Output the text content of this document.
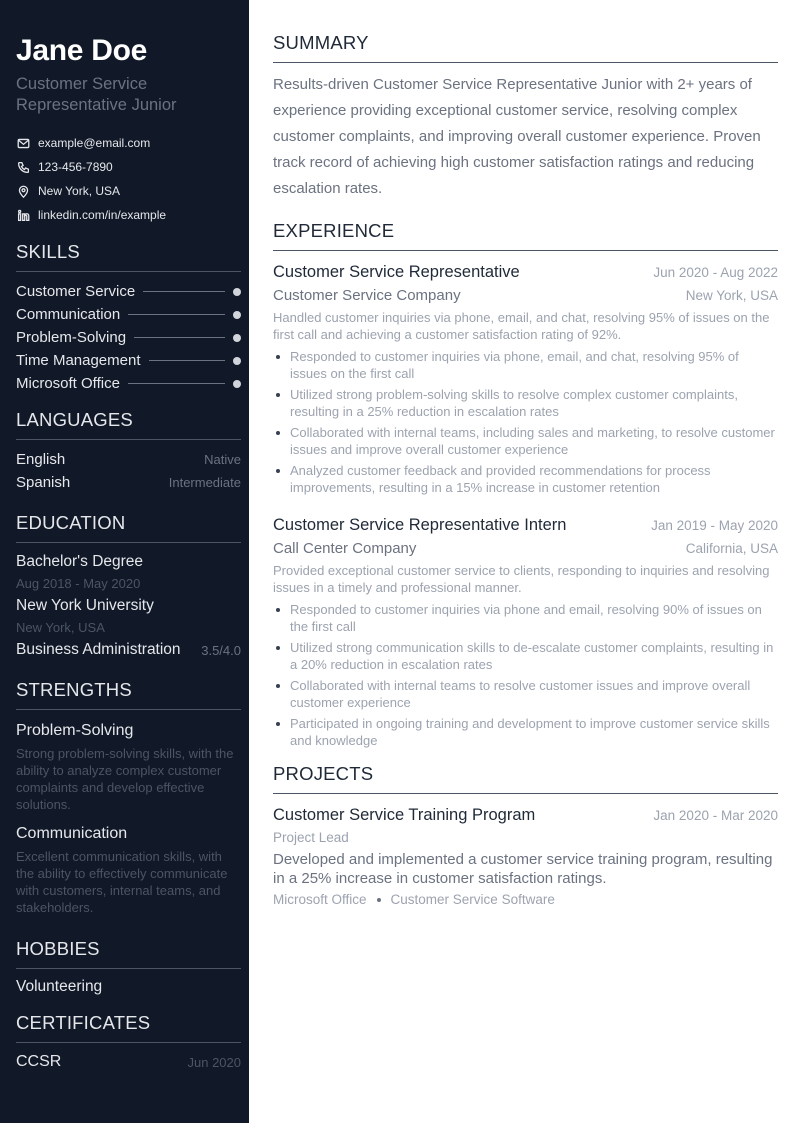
Jane Doe
Customer Service
Representative Junior
example@email.com
123-456-7890
New York, USA
linkedin.com/in/example
SKILLS
Customer Service
Communication
Problem-Solving
Time Management
Microsoft Office
LANGUAGES
English	Native
Spanish	Intermediate
EDUCATION
Bachelor's Degree
Aug 2018 - May 2020
New York University
New York, USA
Business Administration 3.5/4.0
STRENGTHS
Problem-Solving
Strong problem-solving skills, with the ability to analyze complex customer complaints and develop effective solutions.
Communication
Excellent communication skills, with the ability to effectively communicate with customers, internal teams, and stakeholders.
HOBBIES
Volunteering
CERTIFICATES
CCSR	Jun 2020
SUMMARY

Results-driven Customer Service Representative Junior with 2+ years of experience providing exceptional customer service, resolving complex customer complaints, and improving overall customer experience. Proven track record of achieving high customer satisfaction ratings and reducing escalation rates.

EXPERIENCE
Customer Service Representative	Jun 2020 - Aug 2022
Customer Service Company	New York, USA
Handled customer inquiries via phone, email, and chat, resolving 95% of issues on the first call and achieving a customer satisfaction rating of 92%.
Responded to customer inquiries via phone, email, and chat, resolving 95% of issues on the first call
Utilized strong problem-solving skills to resolve complex customer complaints, resulting in a 25% reduction in escalation rates
Collaborated with internal teams, including sales and marketing, to resolve customer issues and improve overall customer experience
Analyzed customer feedback and provided recommendations for process improvements, resulting in a 15% increase in customer retention
Customer Service Representative Intern	Jan 2019 - May 2020
Call Center Company	California, USA
Provided exceptional customer service to clients, responding to inquiries and resolving issues in a timely and professional manner.
Responded to customer inquiries via phone and email, resolving 90% of issues on the first call
Utilized strong communication skills to de-escalate customer complaints, resulting in a 20% reduction in escalation rates
Collaborated with internal teams to resolve customer issues and improve overall customer experience
Participated in ongoing training and development to improve customer service skills and knowledge
PROJECTS
Customer Service Training Program	Jan 2020 - Mar 2020
Project Lead
Developed and implemented a customer service training program, resulting in a 25% increase in customer satisfaction ratings.
Microsoft Office Customer Service Software
